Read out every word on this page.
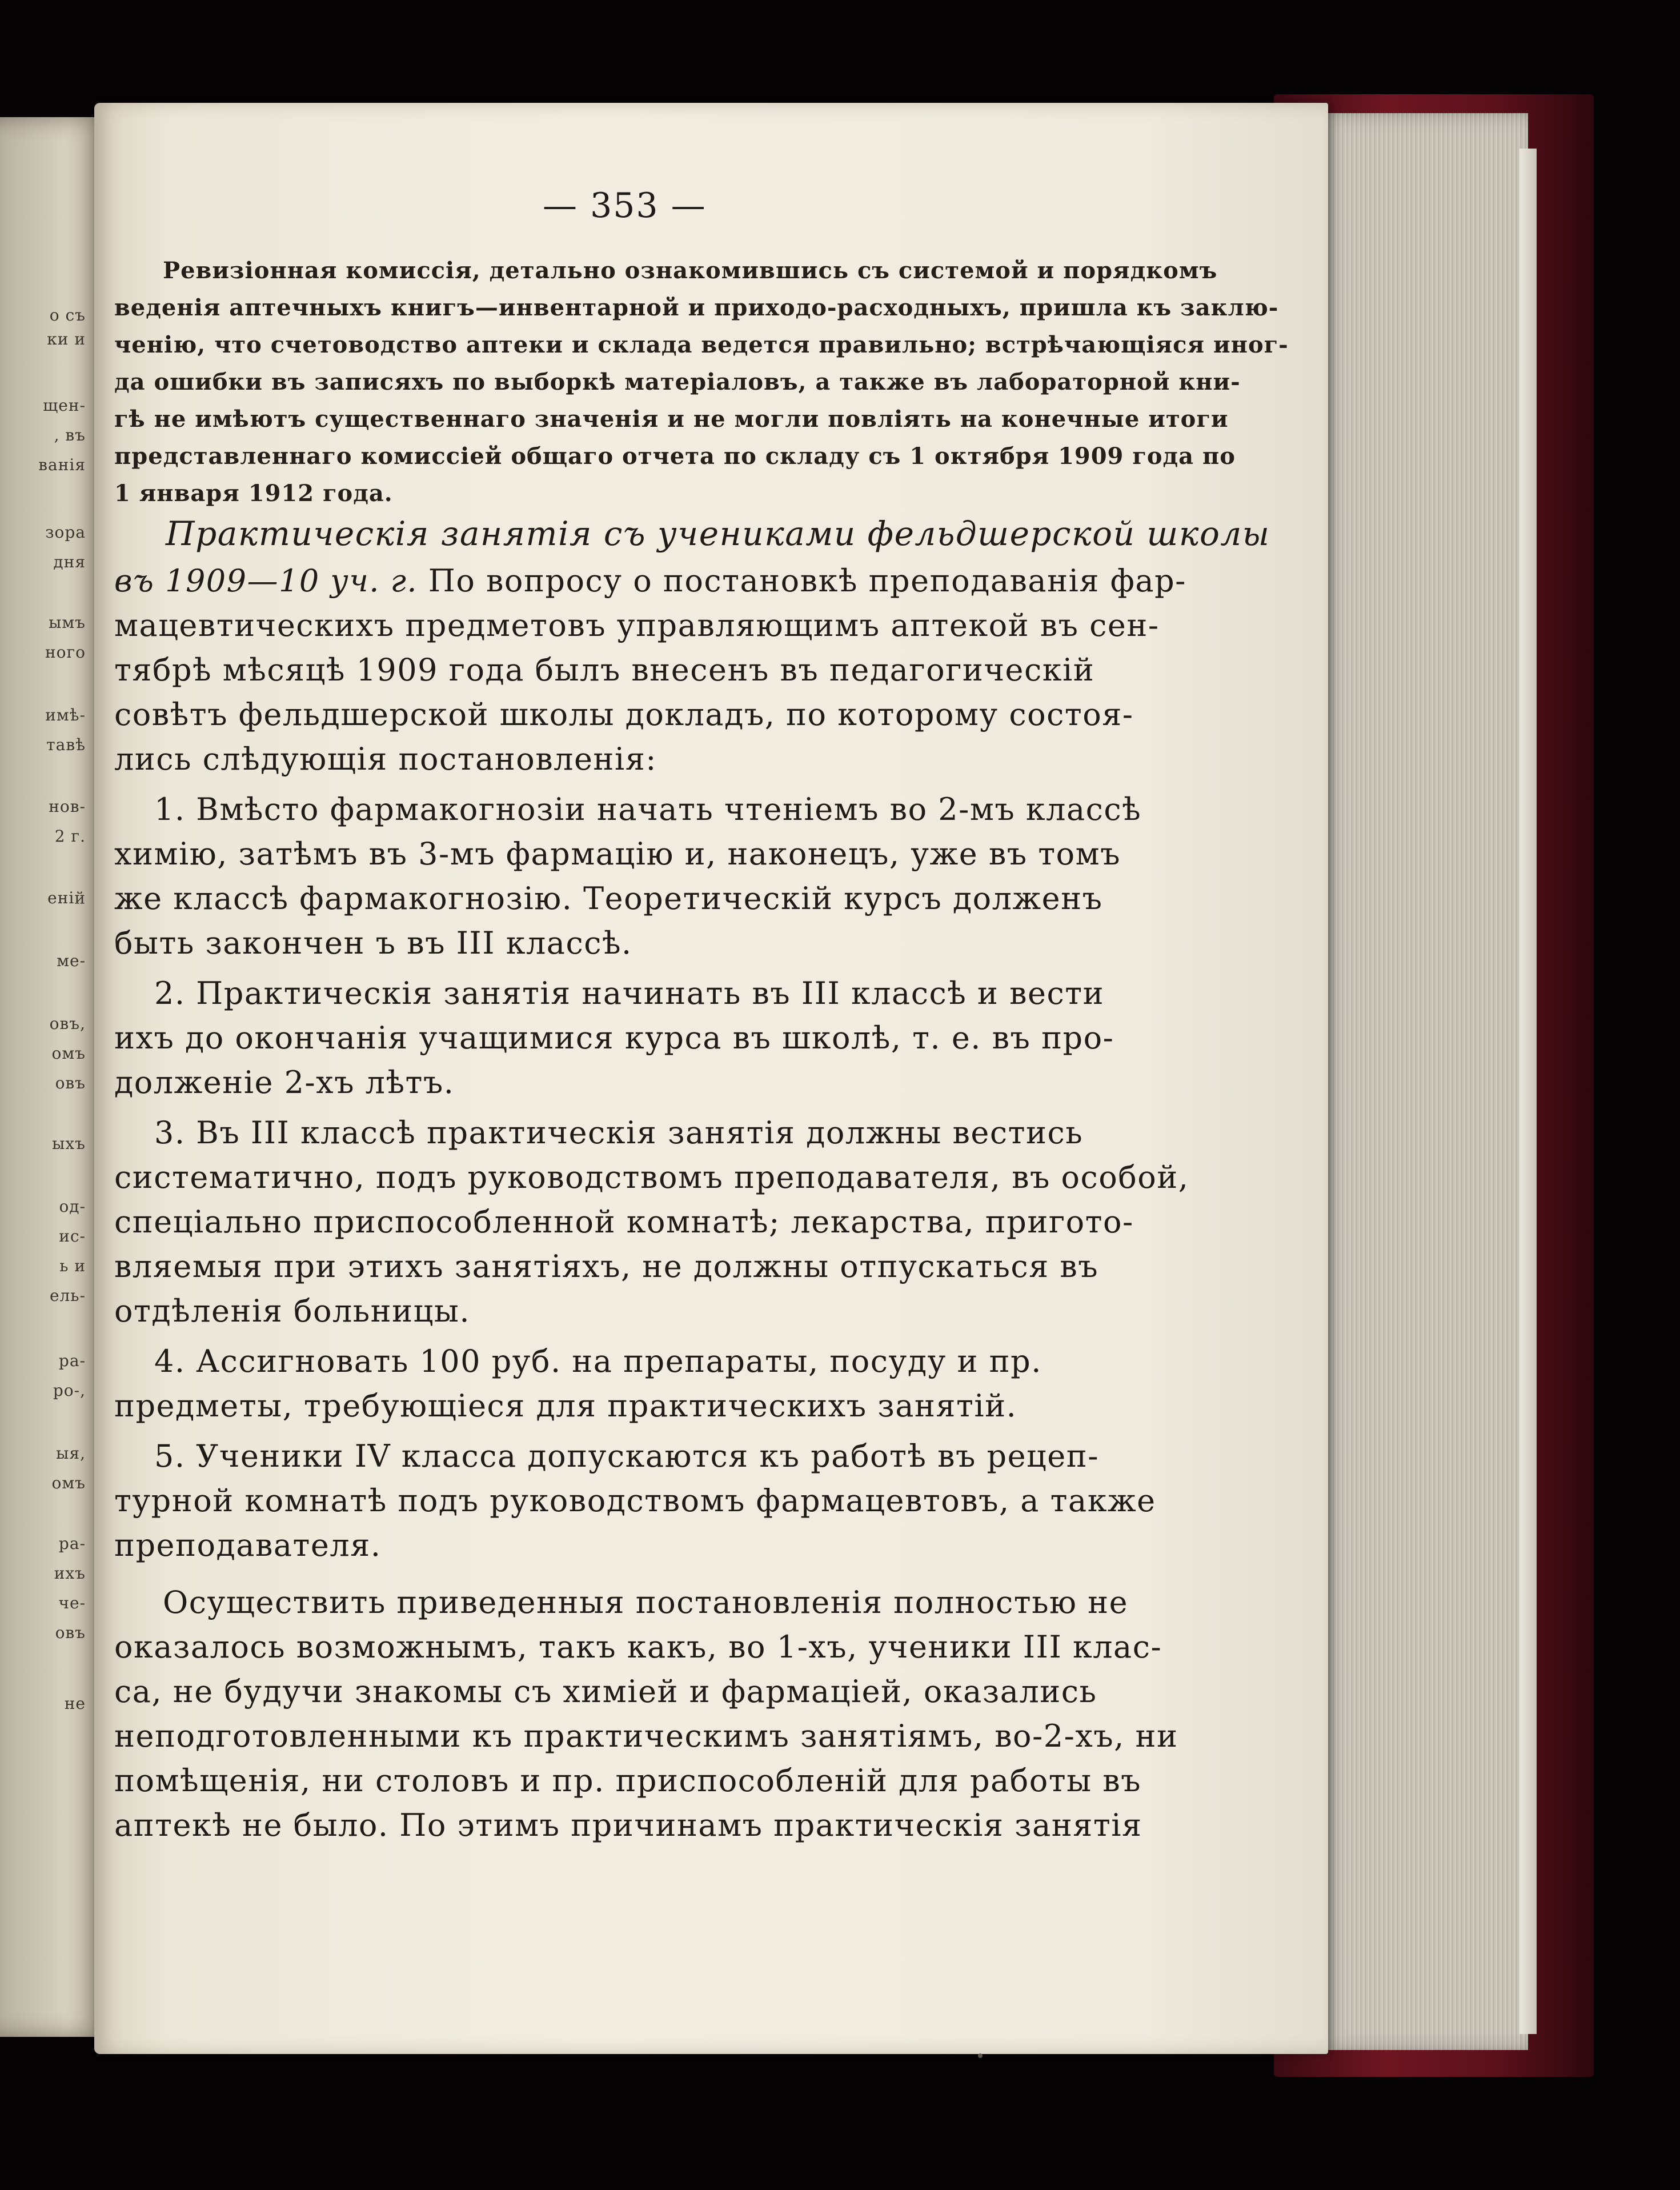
о съ
ки и
щен-
, въ
ванія
зора
дня
ымъ
ного
имѣ-
тавѣ
нов-
2 г.
еній
ме-
овъ,
омъ
овъ
ыхъ
од-
ис-
ь и
ель-
ра-
ро-,
ыя,
омъ
ра-
ихъ
че-
овъ
не

— 353 —

Ревизіонная комиссія, детально ознакомившись съ системой и порядкомъ

веденія аптечныхъ книгъ—инвентарной и приходо-расходныхъ, пришла къ заклю-

ченію, что счетоводство аптеки и склада ведется правильно; встрѣчающіяся иног-

да ошибки въ записяхъ по выборкѣ матеріаловъ, а также въ лабораторной кни-

гѣ не имѣютъ существеннаго значенія и не могли повліять на конечные итоги

представленнаго комиссіей общаго отчета по складу съ 1 октября 1909 года по

1 января 1912 года.

Практическія занятія съ учениками фельдшерской школы

въ 1909—10 уч. г. По вопросу о постановкѣ преподаванія фар-

мацевтическихъ предметовъ управляющимъ аптекой въ сен-

тябрѣ мѣсяцѣ 1909 года былъ внесенъ въ педагогическій

совѣтъ фельдшерской школы докладъ, по которому состоя-

лись слѣдующія постановленія:

1. Вмѣсто фармакогнозіи начать чтеніемъ во 2-мъ классѣ

химію, затѣмъ въ 3-мъ фармацію и, наконецъ, уже въ томъ

же классѣ фармакогнозію. Теоретическій курсъ долженъ

быть закончен ъ въ III классѣ.

2. Практическія занятія начинать въ III классѣ и вести

ихъ до окончанія учащимися курса въ школѣ, т. е. въ про-

долженіе 2-хъ лѣтъ.

3. Въ III классѣ практическія занятія должны вестись

систематично, подъ руководствомъ преподавателя, въ особой,

спеціально приспособленной комнатѣ; лекарства, пригото-

вляемыя при этихъ занятіяхъ, не должны отпускаться въ

отдѣленія больницы.

4. Ассигновать 100 руб. на препараты, посуду и пр.

предметы, требующіеся для практическихъ занятій.

5. Ученики IV класса допускаются къ работѣ въ рецеп-

турной комнатѣ подъ руководствомъ фармацевтовъ, а также

преподавателя.

Осуществить приведенныя постановленія полностью не

оказалось возможнымъ, такъ какъ, во 1-хъ, ученики III клас-

са, не будучи знакомы съ химіей и фармаціей, оказались

неподготовленными къ практическимъ занятіямъ, во-2-хъ, ни

помѣщенія, ни столовъ и пр. приспособленій для работы въ

аптекѣ не было. По этимъ причинамъ практическія занятія
